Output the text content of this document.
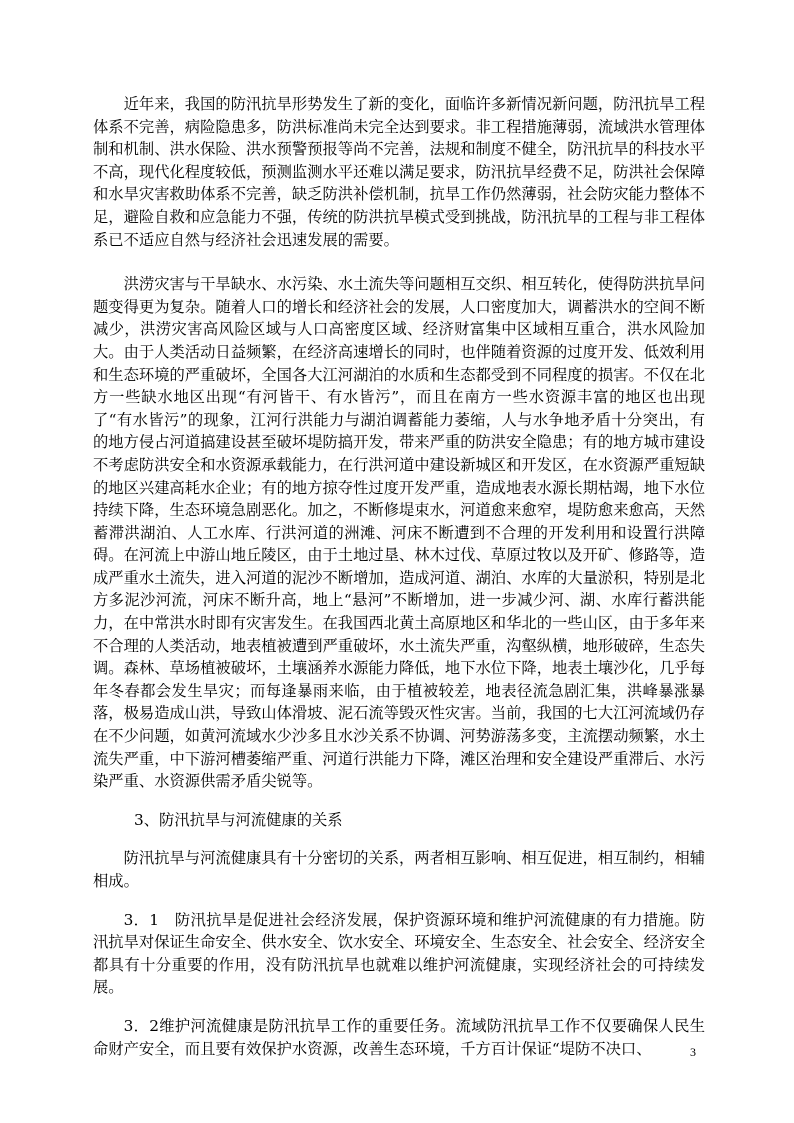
近年来，我国的防汛抗旱形势发生了新的变化，面临许多新情况新问题，防汛抗旱工程体系不完善，病险隐患多，防洪标准尚未完全达到要求。非工程措施薄弱，流域洪水管理体制和机制、洪水保险、洪水预警预报等尚不完善，法规和制度不健全，防汛抗旱的科技水平不高，现代化程度较低，预测监测水平还难以满足要求，防汛抗旱经费不足，防洪社会保障和水旱灾害救助体系不完善，缺乏防洪补偿机制，抗旱工作仍然薄弱，社会防灾能力整体不足，避险自救和应急能力不强，传统的防洪抗旱模式受到挑战，防汛抗旱的工程与非工程体系已不适应自然与经济社会迅速发展的需要。

洪涝灾害与干旱缺水、水污染、水土流失等问题相互交织、相互转化，使得防洪抗旱问题变得更为复杂。随着人口的增长和经济社会的发展，人口密度加大，调蓄洪水的空间不断减少，洪涝灾害高风险区域与人口高密度区域、经济财富集中区域相互重合，洪水风险加大。由于人类活动日益频繁，在经济高速增长的同时，也伴随着资源的过度开发、低效利用和生态环境的严重破坏，全国各大江河湖泊的水质和生态都受到不同程度的损害。不仅在北方一些缺水地区出现“有河皆干、有水皆污”，而且在南方一些水资源丰富的地区也出现了“有水皆污”的现象，江河行洪能力与湖泊调蓄能力萎缩，人与水争地矛盾十分突出，有的地方侵占河道搞建设甚至破坏堤防搞开发，带来严重的防洪安全隐患；有的地方城市建设不考虑防洪安全和水资源承载能力，在行洪河道中建设新城区和开发区，在水资源严重短缺的地区兴建高耗水企业；有的地方掠夺性过度开发严重，造成地表水源长期枯竭，地下水位持续下降，生态环境急剧恶化。加之，不断修堤束水，河道愈来愈窄，堤防愈来愈高，天然蓄滞洪湖泊、人工水库、行洪河道的洲滩、河床不断遭到不合理的开发利用和设置行洪障碍。在河流上中游山地丘陵区，由于土地过垦、林木过伐、草原过牧以及开矿、修路等，造成严重水土流失，进入河道的泥沙不断增加，造成河道、湖泊、水库的大量淤积，特别是北方多泥沙河流，河床不断升高，地上“悬河”不断增加，进一步减少河、湖、水库行蓄洪能力，在中常洪水时即有灾害发生。在我国西北黄土高原地区和华北的一些山区，由于多年来不合理的人类活动，地表植被遭到严重破坏，水土流失严重，沟壑纵横，地形破碎，生态失调。森林、草场植被破坏，土壤涵养水源能力降低，地下水位下降，地表土壤沙化，几乎每年冬春都会发生旱灾；而每逢暴雨来临，由于植被较差，地表径流急剧汇集，洪峰暴涨暴落，极易造成山洪，导致山体滑坡、泥石流等毁灭性灾害。当前，我国的七大江河流域仍存在不少问题，如黄河流域水少沙多且水沙关系不协调、河势游荡多变，主流摆动频繁，水土流失严重，中下游河槽萎缩严重、河道行洪能力下降，滩区治理和安全建设严重滞后、水污染严重、水资源供需矛盾尖锐等。

3、防汛抗旱与河流健康的关系

防汛抗旱与河流健康具有十分密切的关系，两者相互影响、相互促进，相互制约，相辅相成。

3．1　防汛抗旱是促进社会经济发展，保护资源环境和维护河流健康的有力措施。防汛抗旱对保证生命安全、供水安全、饮水安全、环境安全、生态安全、社会安全、经济安全都具有十分重要的作用，没有防汛抗旱也就难以维护河流健康，实现经济社会的可持续发展。

3．2维护河流健康是防汛抗旱工作的重要任务。流域防汛抗旱工作不仅要确保人民生命财产安全，而且要有效保护水资源，改善生态环境，千方百计保证“堤防不决口、	3
